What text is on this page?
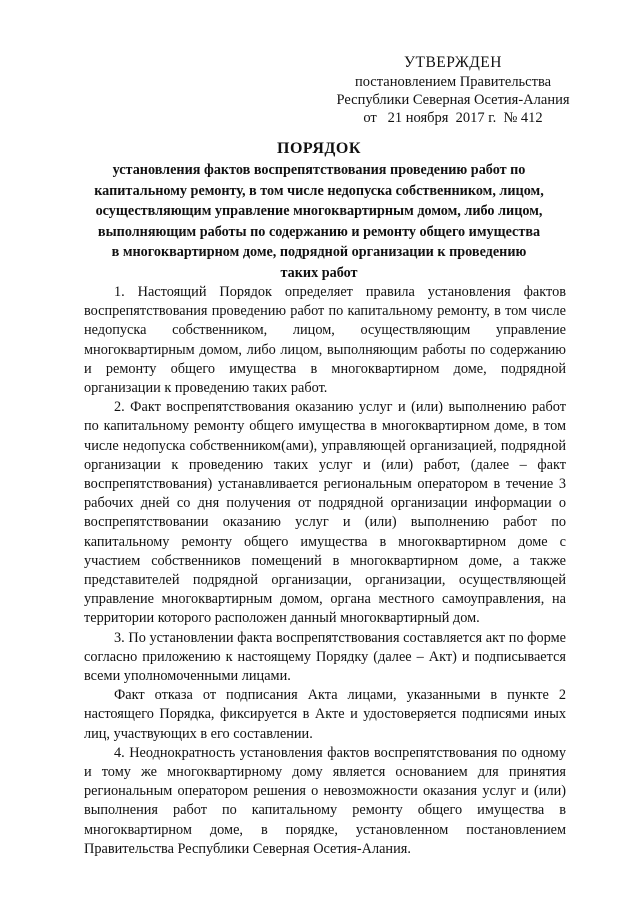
УТВЕРЖДЕН
постановлением Правительства
Республики Северная Осетия-Алания
от   21 ноября  2017 г.  № 412
ПОРЯДОК
установления фактов воспрепятствования проведению работ по капитальному ремонту, в том числе недопуска собственником, лицом, осуществляющим управление многоквартирным домом, либо лицом, выполняющим работы по содержанию и ремонту общего имущества в многоквартирном доме, подрядной организации к проведению таких работ

1. Настоящий Порядок определяет правила установления фактов воспрепятствования проведению работ по капитальному ремонту, в том числе недопуска собственником, лицом, осуществляющим управление многоквартирным домом, либо лицом, выполняющим работы по содержанию и ремонту общего имущества в многоквартирном доме, подрядной организации к проведению таких работ.

2. Факт воспрепятствования оказанию услуг и (или) выполнению работ по капитальному ремонту общего имущества в многоквартирном доме, в том числе недопуска собственником(ами), управляющей организацией, подрядной организации к проведению таких услуг и (или) работ, (далее – факт воспрепятствования) устанавливается региональным оператором в течение 3 рабочих дней со дня получения от подрядной организации информации о воспрепятствовании оказанию услуг и (или) выполнению работ по капитальному ремонту общего имущества в многоквартирном доме с участием собственников помещений в многоквартирном доме, а также представителей подрядной организации, организации, осуществляющей управление многоквартирным домом, органа местного самоуправления, на территории которого расположен данный многоквартирный дом.

3. По установлении факта воспрепятствования составляется акт по форме согласно приложению к настоящему Порядку (далее – Акт) и подписывается всеми уполномоченными лицами.

Факт отказа от подписания Акта лицами, указанными в пункте 2 настоящего Порядка, фиксируется в Акте и удостоверяется подписями иных лиц, участвующих в его составлении.

4. Неоднократность установления фактов воспрепятствования по одному и тому же многоквартирному дому является основанием для принятия региональным оператором решения о невозможности оказания услуг и (или) выполнения работ по капитальному ремонту общего имущества в многоквартирном доме, в порядке, установленном постановлением Правительства Республики Северная Осетия-Алания.
